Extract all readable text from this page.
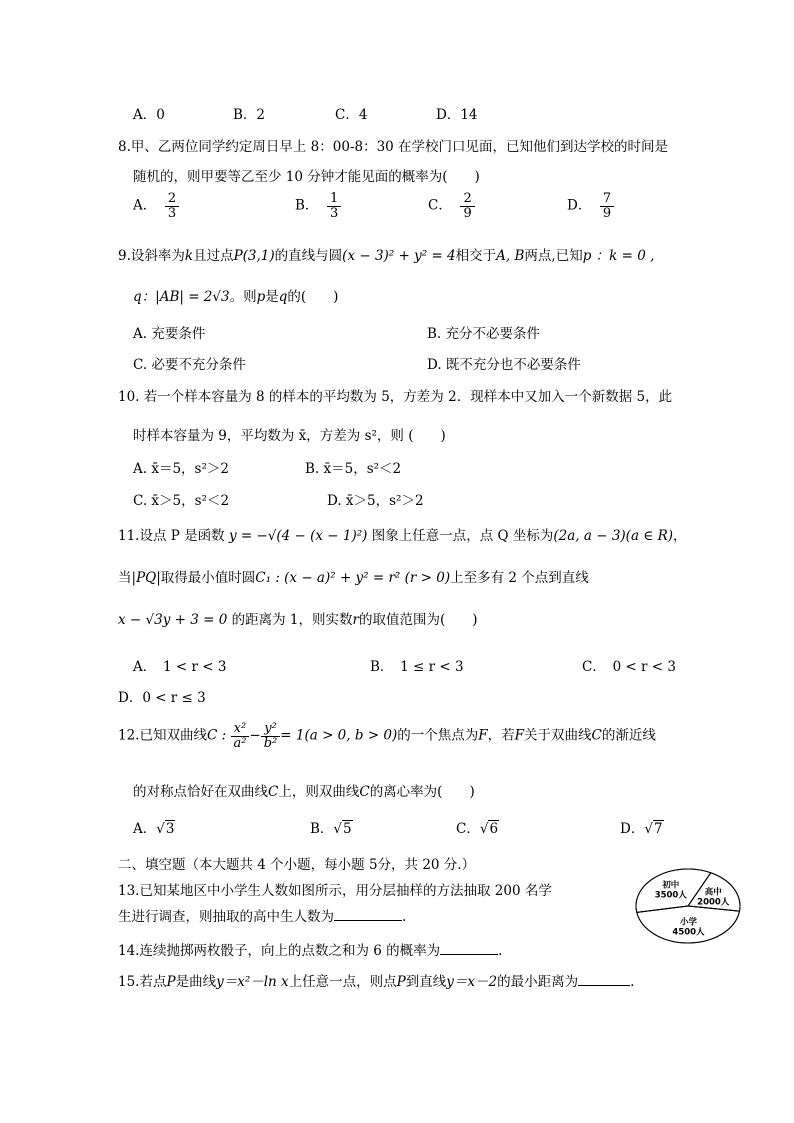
A．0	B．2	C．4	D．14
8.甲、乙两位同学约定周日早上 8：00-8：30 在学校门口见面，已知他们到达学校的时间是
随机的，则甲要等乙至少 10 分钟才能见面的概率为(　　)
A． $\frac{2}{3}$	B． $\frac{1}{3}$	C． $\frac{2}{9}$	D． $\frac{7}{9}$
9.设斜率为k且过点P(3,1)的直线与圆(x − 3)² + y² = 4相交于A, B两点,已知p ：k = 0 ,
q：|AB| = 2√3。则p是q的(　　)
A. 充要条件	B. 充分不必要条件
C. 必要不充分条件	D. 既不充分也不必要条件
10. 若一个样本容量为 8 的样本的平均数为 5，方差为 2．现样本中又加入一个新数据 5，此
时样本容量为 9，平均数为 x̄，方差为 s²，则 (　　)
A. x̄＝5，s²＞2	B. x̄＝5，s²＜2
C. x̄＞5，s²＜2	D. x̄＞5，s²＞2
11.设点 P 是函数 y = −√(4 − (x − 1)²) 图象上任意一点，点 Q 坐标为(2a, a − 3)(a ∈ R)，
当|PQ|取得最小值时圆C₁ : (x − a)² + y² = r² (r > 0)上至多有 2 个点到直线
x − √3y + 3 = 0 的距离为 1，则实数r的取值范围为(　　)
A．　1 < r < 3	B．　1 ≤ r < 3	C．　0 < r < 3
D．0 < r ≤ 3
12.已知双曲线C : $\frac{\text{x²}}{\text{a²}} - \frac{\text{y²}}{\text{b²}} = 1(a > 0$, b > 0)的一个焦点为F，若F关于双曲线C的渐近线
的对称点恰好在双曲线C上，则双曲线C的离心率为(　　)
A．√3	B．√5	C．√6	D．√7
二、填空题（本大题共 4 个小题，每小题 5分，共 20 分.）
13.已知某地区中小学生人数如图所示，用分层抽样的方法抽取 200 名学
生进行调查，则抽取的高中生人数为	.
初中
3500人 高中
2000人
小学
4500人
14.连续抛掷两枚骰子，向上的点数之和为 6 的概率为	.
15.若点P是曲线y＝x²－ln x上任意一点，则点P到直线y＝x－2的最小距离为	.
